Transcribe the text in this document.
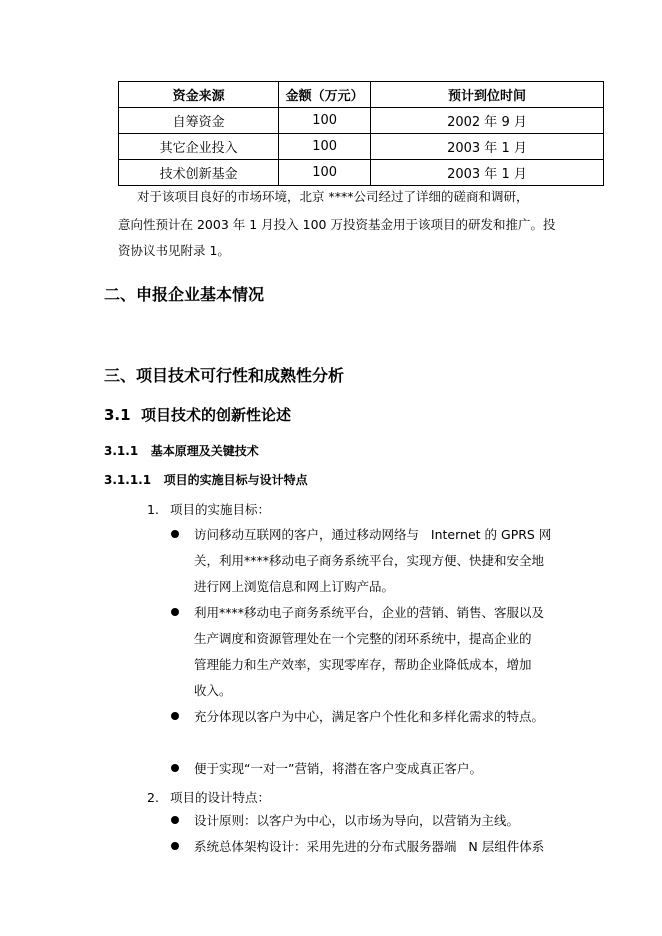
资金来源	金额（万元）	预计到位时间
自筹资金	100	2002 年 9 月
其它企业投入	100	2003 年 1 月
技术创新基金	100	2003 年 1 月
对于该项目良好的市场环境，北京 ****公司经过了详细的磋商和调研，
意向性预计在 2003 年 1 月投入 100 万投资基金用于该项目的研发和推广。投
资协议书见附录 1。
二、申报企业基本情况
三、项目技术可行性和成熟性分析
3.1  项目技术的创新性论述
3.1.1   基本原理及关键技术
3.1.1.1   项目的实施目标与设计特点
1. 项目的实施目标：
访问移动互联网的客户，通过移动网络与   Internet 的 GPRS 网
关，利用****移动电子商务系统平台，实现方便、快捷和安全地
进行网上浏览信息和网上订购产品。
利用****移动电子商务系统平台，企业的营销、销售、客服以及
生产调度和资源管理处在一个完整的闭环系统中，提高企业的
管理能力和生产效率，实现零库存，帮助企业降低成本，增加
收入。
充分体现以客户为中心，满足客户个性化和多样化需求的特点。
便于实现“一对一”营销，将潜在客户变成真正客户。
2. 项目的设计特点：
设计原则：以客户为中心，以市场为导向，以营销为主线。
系统总体架构设计：采用先进的分布式服务器端   N 层组件体系
